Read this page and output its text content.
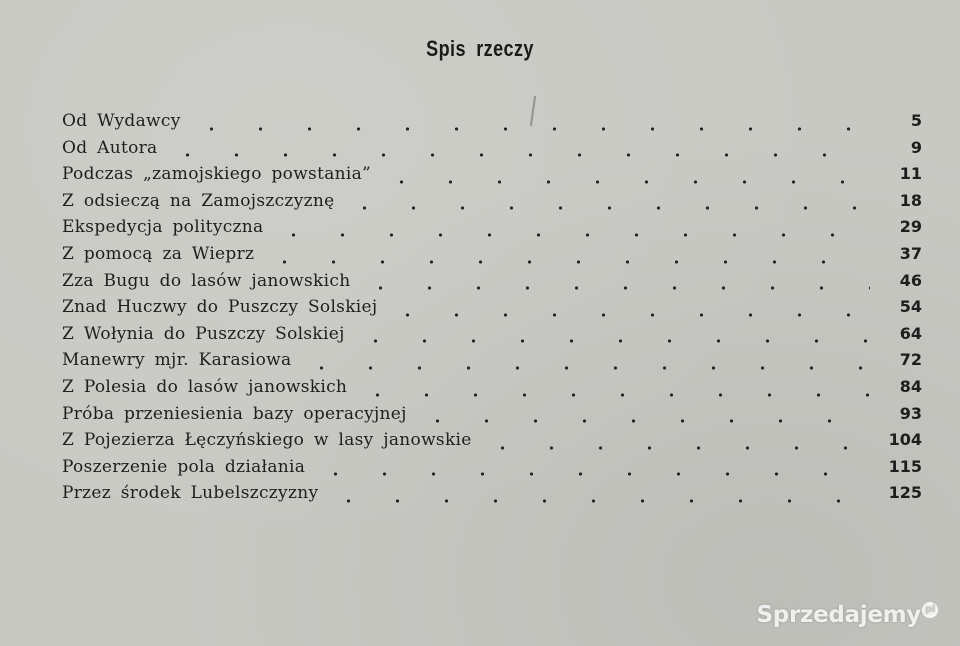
Spis rzeczy
Od Wydawcy	5
Od Autora	9
Podczas „zamojskiego powstania”	11
Z odsieczą na Zamojszczyznę	18
Ekspedycja polityczna	29
Z pomocą za Wieprz	37
Zza Bugu do lasów janowskich	46
Znad Huczwy do Puszczy Solskiej	54
Z Wołynia do Puszczy Solskiej	64
Manewry mjr. Karasiowa	72
Z Polesia do lasów janowskich	84
Próba przeniesienia bazy operacyjnej	93
Z Pojezierza Łęczyńskiego w lasy janowskie	104
Poszerzenie pola działania	115
Przez środek Lubelszczyzny	125
Sprzedajemy pl
